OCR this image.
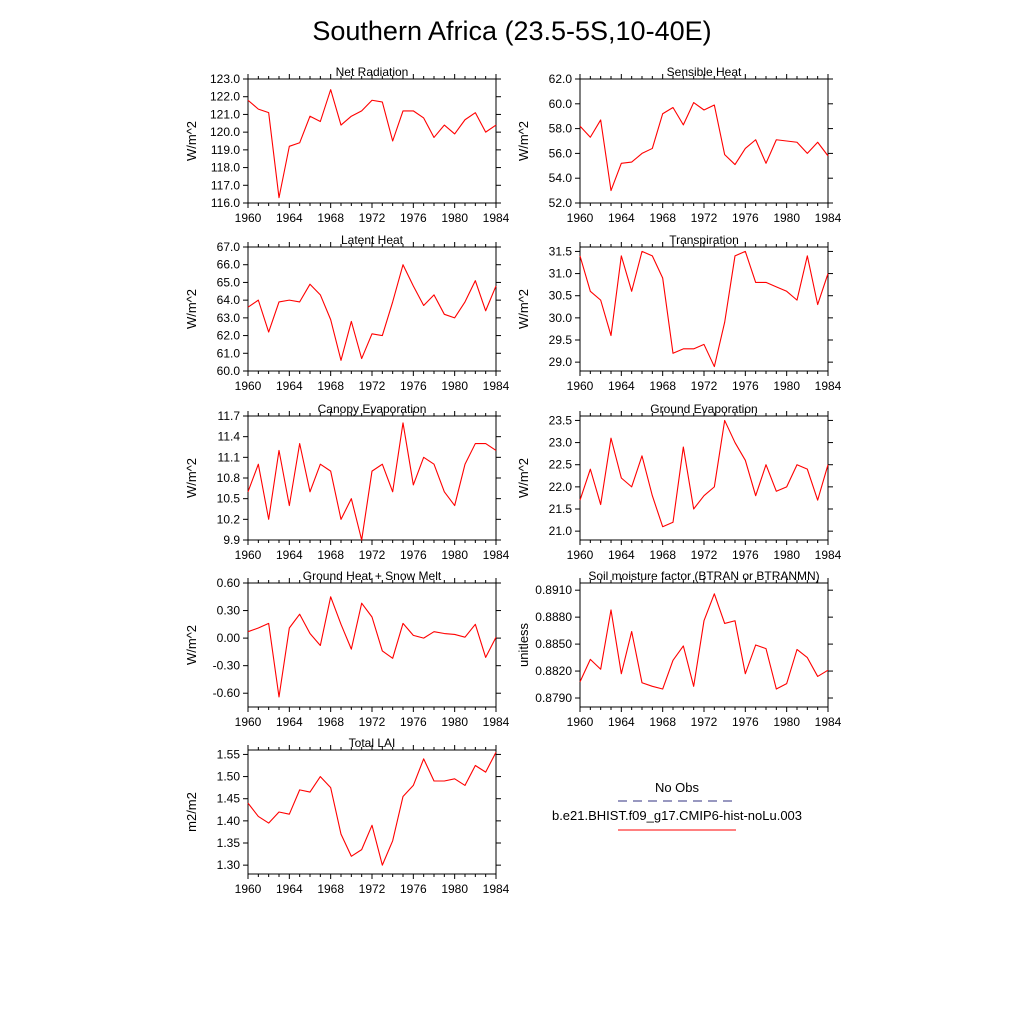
Southern Africa (23.5-5S,10-40E)
Net Radiation
W/m^2
116.0
117.0
118.0
119.0
120.0
121.0
122.0
123.0
1960 1964 1968 1972 1976 1980 1984
Sensible Heat
W/m^2
52.0
54.0
56.0
58.0
60.0
62.0
1960 1964 1968 1972 1976 1980 1984
Latent Heat
W/m^2
60.0
61.0
62.0
63.0
64.0
65.0
66.0
67.0
1960 1964 1968 1972 1976 1980 1984
Transpiration
W/m^2
29.0
29.5
30.0
30.5
31.0
31.5
1960 1964 1968 1972 1976 1980 1984
Canopy Evaporation
W/m^2
9.9
10.2
10.5
10.8
11.1
11.4
11.7
1960 1964 1968 1972 1976 1980 1984
Ground Evaporation
W/m^2
21.0
21.5
22.0
22.5
23.0
23.5
1960 1964 1968 1972 1976 1980 1984
Ground Heat + Snow Melt
W/m^2
-0.60
-0.30
0.00
0.30
0.60
1960 1964 1968 1972 1976 1980 1984
Soil moisture factor (BTRAN or BTRANMN)
unitless
0.8790
0.8820
0.8850
0.8880
0.8910
1960 1964 1968 1972 1976 1980 1984
Total LAI
m2/m2
1.30
1.35
1.40
1.45
1.50
1.55
1960 1964 1968 1972 1976 1980 1984
No Obs
b.e21.BHIST.f09_g17.CMIP6-hist-noLu.003
